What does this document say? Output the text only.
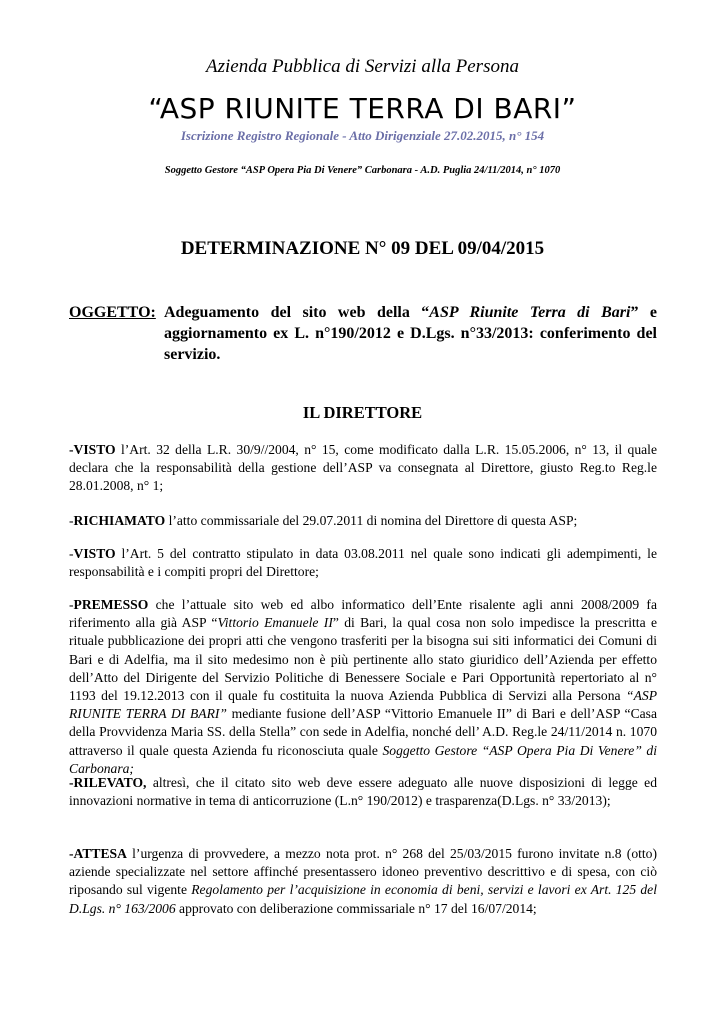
Azienda Pubblica di Servizi alla Persona
“ASP RIUNITE TERRA DI BARI”
Iscrizione Registro Regionale - Atto Dirigenziale 27.02.2015, n° 154
Soggetto Gestore “ASP Opera Pia Di Venere” Carbonara - A.D. Puglia 24/11/2014, n° 1070
DETERMINAZIONE N° 09 DEL 09/04/2015
OGGETTO: Adeguamento del sito web della “ASP Riunite Terra di Bari” e aggiornamento ex L. n°190/2012 e D.Lgs. n°33/2013: conferimento del servizio.
IL DIRETTORE
-VISTO l’Art. 32 della L.R. 30/9//2004, n° 15, come modificato dalla L.R. 15.05.2006, n° 13, il quale declara che la responsabilità della gestione dell’ASP va consegnata al Direttore, giusto Reg.to Reg.le 28.01.2008, n° 1;
-RICHIAMATO l’atto commissariale del 29.07.2011 di nomina del Direttore di questa ASP;
-VISTO l’Art. 5 del contratto stipulato in data 03.08.2011 nel quale sono indicati gli adempimenti, le responsabilità e i compiti propri del Direttore;
-PREMESSO che l’attuale sito web ed albo informatico dell’Ente risalente agli anni 2008/2009 fa riferimento alla già ASP “Vittorio Emanuele II” di Bari, la qual cosa non solo impedisce la prescritta e rituale pubblicazione dei propri atti che vengono trasferiti per la bisogna sui siti informatici dei Comuni di Bari e di Adelfia, ma il sito medesimo non è più pertinente allo stato giuridico dell’Azienda per effetto dell’Atto del Dirigente del Servizio Politiche di Benessere Sociale e Pari Opportunità repertoriato al n° 1193 del 19.12.2013 con il quale fu costituita la nuova Azienda Pubblica di Servizi alla Persona “ASP RIUNITE TERRA DI BARI” mediante fusione dell’ASP “Vittorio Emanuele II” di Bari e dell’ASP “Casa della Provvidenza Maria SS. della Stella” con sede in Adelfia, nonché dell’ A.D. Reg.le 24/11/2014 n. 1070 attraverso il quale questa Azienda fu riconosciuta quale Soggetto Gestore “ASP Opera Pia Di Venere” di Carbonara;
-RILEVATO, altresì, che il citato sito web deve essere adeguato alle nuove disposizioni di legge ed innovazioni normative in tema di anticorruzione (L.n° 190/2012) e trasparenza(D.Lgs. n° 33/2013);
-ATTESA l’urgenza di provvedere, a mezzo nota prot. n° 268 del 25/03/2015 furono invitate n.8 (otto) aziende specializzate nel settore affinché presentassero idoneo preventivo descrittivo e di spesa, con ciò riposando sul vigente Regolamento per l’acquisizione in economia di beni, servizi e lavori ex Art. 125 del D.Lgs. n° 163/2006 approvato con deliberazione commissariale n° 17 del 16/07/2014;
